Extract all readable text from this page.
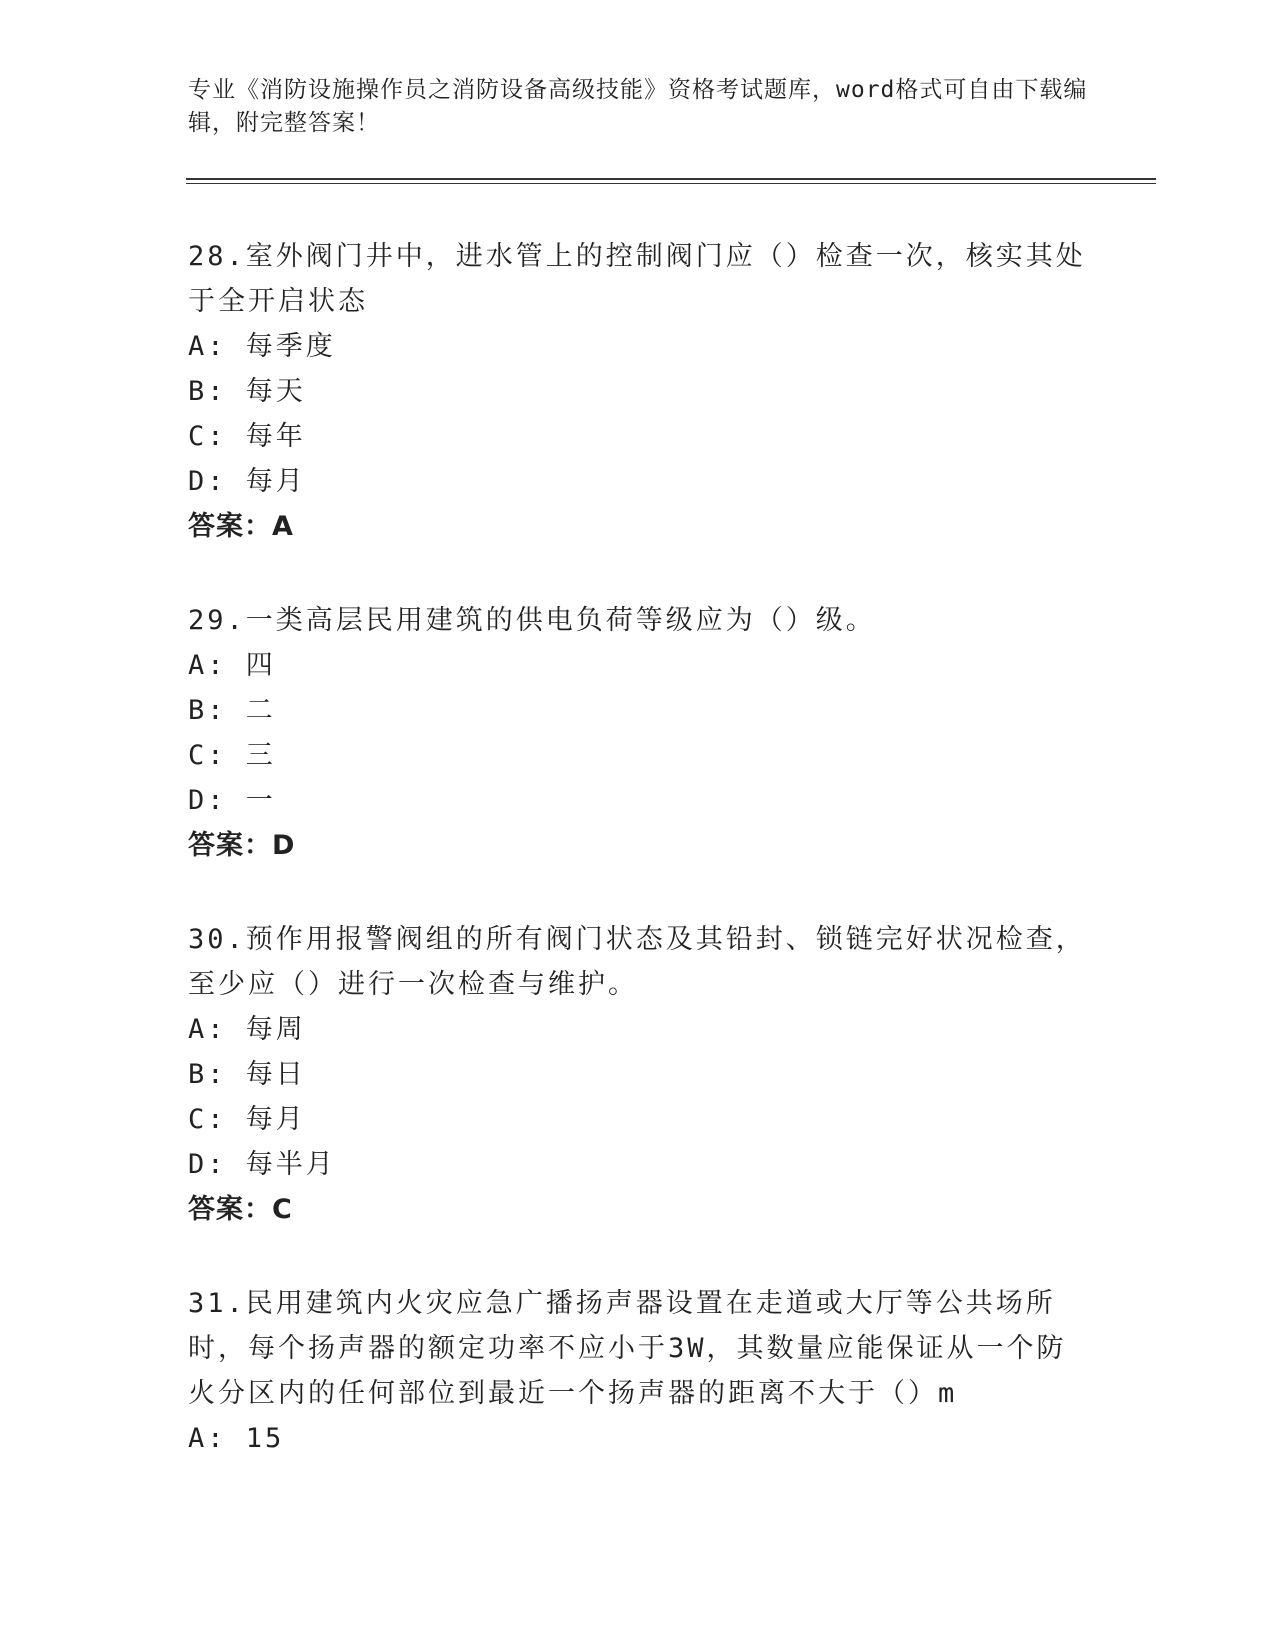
专业《消防设施操作员之消防设备高级技能》资格考试题库，word格式可自由下载编辑，附完整答案！

28.室外阀门井中，进水管上的控制阀门应（）检查一次，核实其处于全开启状态

A: 每季度

B: 每天

C: 每年

D: 每月

答案：A

29.一类高层民用建筑的供电负荷等级应为（）级。

A: 四

B: 二

C: 三

D: 一

答案：D

30.预作用报警阀组的所有阀门状态及其铅封、锁链完好状况检查，至少应（）进行一次检查与维护。

A: 每周

B: 每日

C: 每月

D: 每半月

答案：C

31.民用建筑内火灾应急广播扬声器设置在走道或大厅等公共场所时，每个扬声器的额定功率不应小于3W，其数量应能保证从一个防火分区内的任何部位到最近一个扬声器的距离不大于（）m

A: 15
